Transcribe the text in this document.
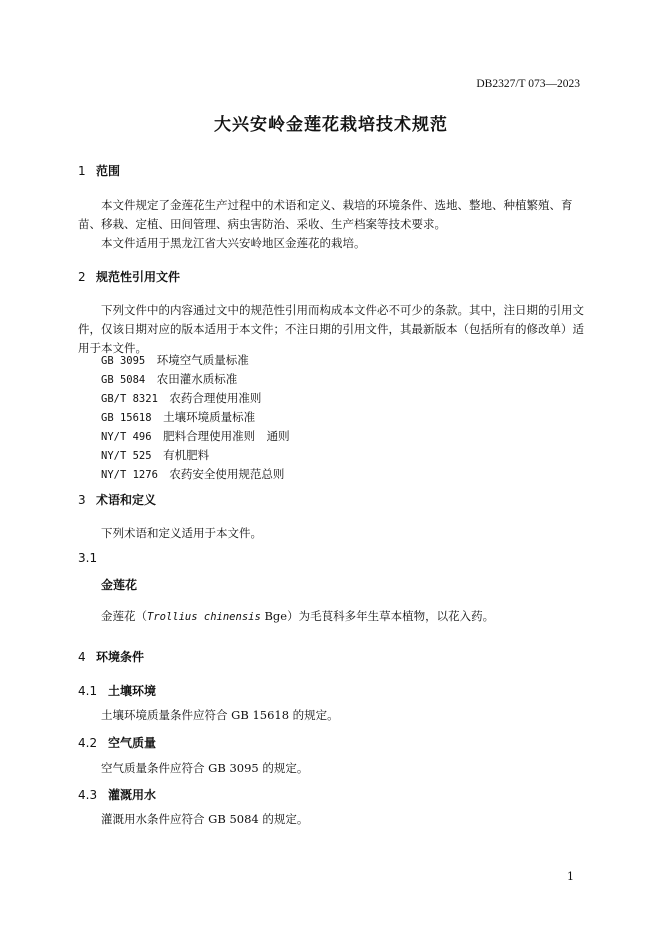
DB2327/T 073—2023
大兴安岭金莲花栽培技术规范
1 范围
本文件规定了金莲花生产过程中的术语和定义、栽培的环境条件、选地、整地、种植繁殖、育苗、移栽、定植、田间管理、病虫害防治、采收、生产档案等技术要求。
本文件适用于黑龙江省大兴安岭地区金莲花的栽培。
2 规范性引用文件
下列文件中的内容通过文中的规范性引用而构成本文件必不可少的条款。其中，注日期的引用文件，仅该日期对应的版本适用于本文件；不注日期的引用文件，其最新版本（包括所有的修改单）适用于本文件。
GB 3095　 环境空气质量标准
GB 5084　 农田灌水质标准
GB/T 8321　 农药合理使用准则
GB 15618　 土壤环境质量标准
NY/T 496　 肥料合理使用准则　通则
NY/T 525　 有机肥料
NY/T 1276　 农药安全使用规范总则
3 术语和定义
下列术语和定义适用于本文件。
3.1
金莲花
金莲花（Trollius chinensis Bge）为毛茛科多年生草本植物，以花入药。
4 环境条件
4.1 土壤环境
土壤环境质量条件应符合 GB 15618 的规定。
4.2 空气质量
空气质量条件应符合 GB 3095 的规定。
4.3 灌溉用水
灌溉用水条件应符合 GB 5084 的规定。
1
